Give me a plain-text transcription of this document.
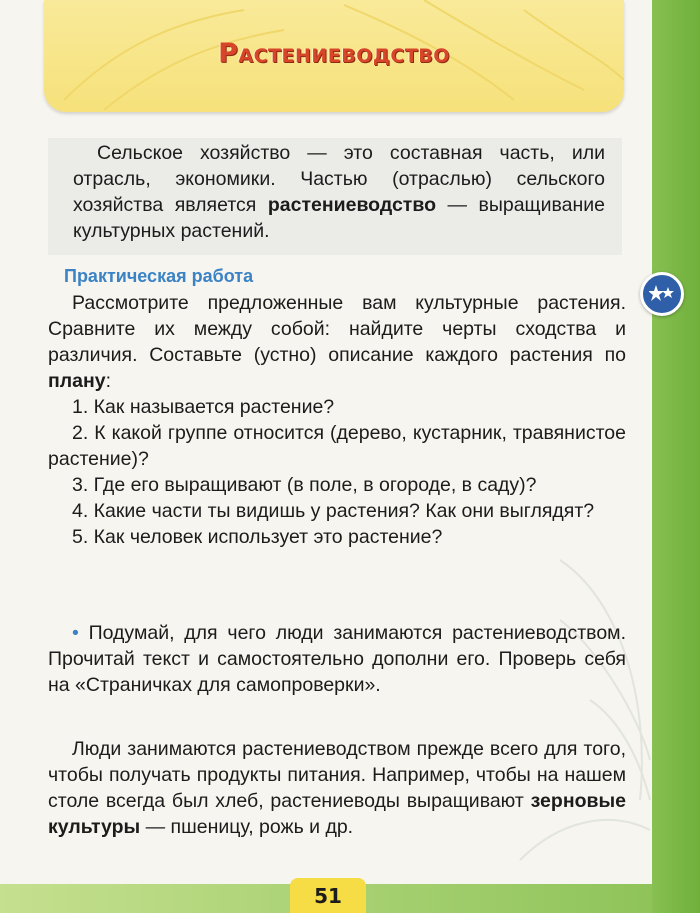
Растениеводство

Сельское хозяйство — это составная часть, или отрасль, экономики. Частью (отраслью) сельского хозяйства является растениеводство — выращивание культурных растений.

Практическая работа

Рассмотрите предложенные вам культурные растения. Сравните их между собой: найдите черты сходства и различия. Составьте (устно) описание каждого растения по плану:

1. Как называется растение?

2. К какой группе относится (дерево, кустарник, травянистое растение)?

3. Где его выращивают (в поле, в огороде, в саду)?

4. Какие части ты видишь у растения? Как они выглядят?

5. Как человек использует это растение?

• Подумай, для чего люди занимаются растениеводством. Прочитай текст и самостоятельно дополни его. Проверь себя на «Страничках для самопроверки».

Люди занимаются растениеводством прежде всего для того, чтобы получать продукты питания. Например, чтобы на нашем столе всегда был хлеб, растениеводы выращивают зерновые культуры — пшеницу, рожь и др.

51
